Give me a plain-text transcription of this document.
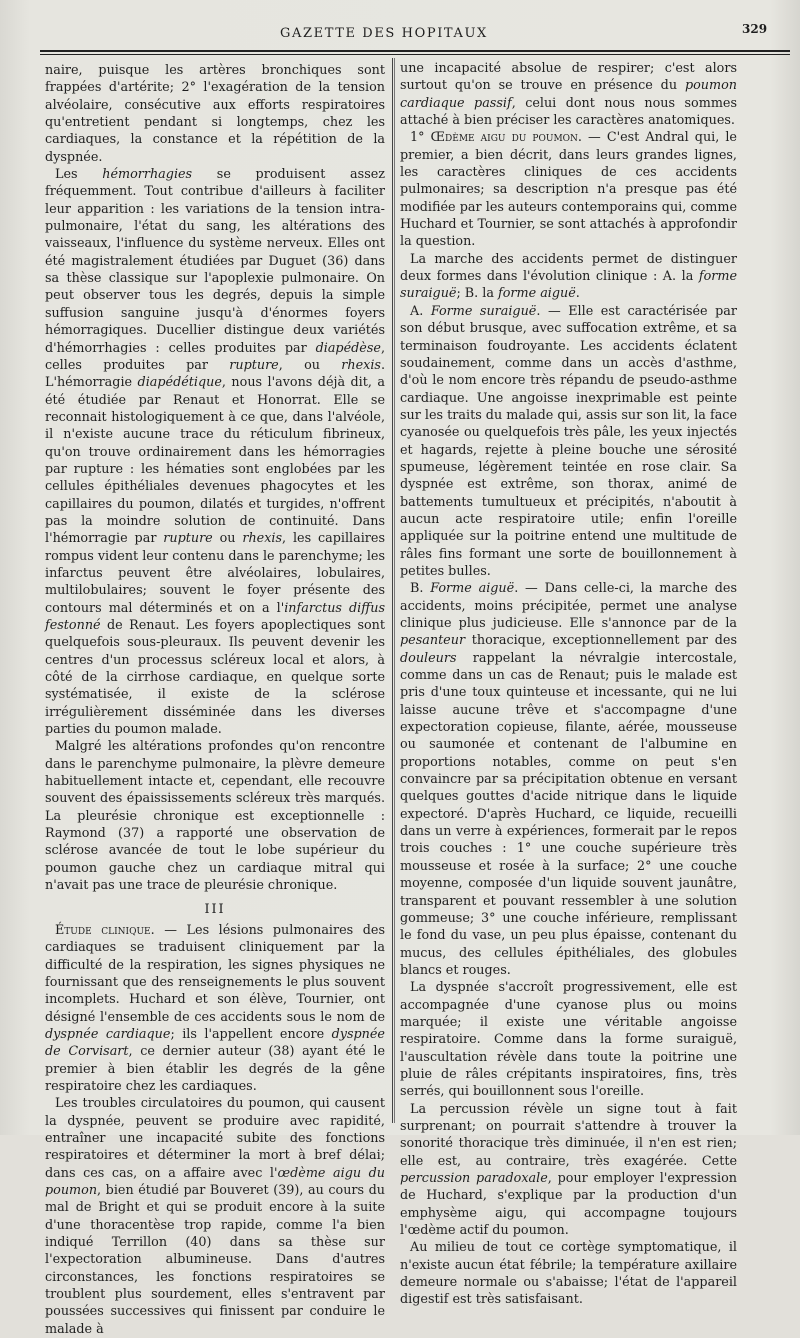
GAZETTE DES HOPITAUX	329

naire, puisque les artères bronchiques sont frappées d'artérite; 2° l'exagération de la tension alvéolaire, consécutive aux efforts respiratoires qu'entretient pendant si longtemps, chez les cardiaques, la constance et la répétition de la dyspnée.

Les hémorrhagies se produisent assez fréquemment. Tout contribue d'ailleurs à faciliter leur apparition : les variations de la tension intra-pulmonaire, l'état du sang, les altérations des vaisseaux, l'influence du système nerveux. Elles ont été magistralement étudiées par Duguet (36) dans sa thèse classique sur l'apoplexie pulmonaire. On peut observer tous les degrés, depuis la simple suffusion sanguine jusqu'à d'énormes foyers hémorragiques. Ducellier distingue deux variétés d'hémorrhagies : celles produites par diapédèse, celles produites par rupture, ou rhexis. L'hémorragie diapédétique, nous l'avons déjà dit, a été étudiée par Renaut et Honorrat. Elle se reconnait histologiquement à ce que, dans l'alvéole, il n'existe aucune trace du réticulum fibrineux, qu'on trouve ordinairement dans les hémorragies par rupture : les hématies sont englobées par les cellules épithéliales devenues phagocytes et les capillaires du poumon, dilatés et turgides, n'offrent pas la moindre solution de continuité. Dans l'hémorragie par rupture ou rhexis, les capillaires rompus vident leur contenu dans le parenchyme; les infarctus peuvent être alvéolaires, lobulaires, multilobulaires; souvent le foyer présente des contours mal déterminés et on a l'infarctus diffus festonné de Renaut. Les foyers apoplectiques sont quelquefois sous-pleuraux. Ils peuvent devenir les centres d'un processus scléreux local et alors, à côté de la cirrhose cardiaque, en quelque sorte systématisée, il existe de la sclérose irrégulièrement disséminée dans les diverses parties du poumon malade.

Malgré les altérations profondes qu'on rencontre dans le parenchyme pulmonaire, la plèvre demeure habituellement intacte et, cependant, elle recouvre souvent des épaississements scléreux très marqués. La pleurésie chronique est exceptionnelle : Raymond (37) a rapporté une observation de sclérose avancée de tout le lobe supérieur du poumon gauche chez un cardiaque mitral qui n'avait pas une trace de pleurésie chronique.

III

Étude clinique. — Les lésions pulmonaires des cardiaques se traduisent cliniquement par la difficulté de la respiration, les signes physiques ne fournissant que des renseignements le plus souvent incomplets. Huchard et son élève, Tournier, ont désigné l'ensemble de ces accidents sous le nom de dyspnée cardiaque; ils l'appellent encore dyspnée de Corvisart, ce dernier auteur (38) ayant été le premier à bien établir les degrés de la gêne respiratoire chez les cardiaques.

Les troubles circulatoires du poumon, qui causent la dyspnée, peuvent se produire avec rapidité, entraîner une incapacité subite des fonctions respiratoires et déterminer la mort à bref délai; dans ces cas, on a affaire avec l'œdème aigu du poumon, bien étudié par Bouveret (39), au cours du mal de Bright et qui se produit encore à la suite d'une thoracentèse trop rapide, comme l'a bien indiqué Terrillon (40) dans sa thèse sur l'expectoration albumineuse. Dans d'autres circonstances, les fonctions respiratoires se troublent plus sourdement, elles s'entravent par poussées successives qui finissent par conduire le malade à

une incapacité absolue de respirer; c'est alors surtout qu'on se trouve en présence du poumon cardiaque passif, celui dont nous nous sommes attaché à bien préciser les caractères anatomiques.

1° Œdème aigu du poumon. — C'est Andral qui, le premier, a bien décrit, dans leurs grandes lignes, les caractères cliniques de ces accidents pulmonaires; sa description n'a presque pas été modifiée par les auteurs contemporains qui, comme Huchard et Tournier, se sont attachés à approfondir la question.

La marche des accidents permet de distinguer deux formes dans l'évolution clinique : A. la forme suraiguë; B. la forme aiguë.

A. Forme suraiguë. — Elle est caractérisée par son début brusque, avec suffocation extrême, et sa terminaison foudroyante. Les accidents éclatent soudainement, comme dans un accès d'asthme, d'où le nom encore très répandu de pseudo-asthme cardiaque. Une angoisse inexprimable est peinte sur les traits du malade qui, assis sur son lit, la face cyanosée ou quelquefois très pâle, les yeux injectés et hagards, rejette à pleine bouche une sérosité spumeuse, légèrement teintée en rose clair. Sa dyspnée est extrême, son thorax, animé de battements tumultueux et précipités, n'aboutit à aucun acte respiratoire utile; enfin l'oreille appliquée sur la poitrine entend une multitude de râles fins formant une sorte de bouillonnement à petites bulles.

B. Forme aiguë. — Dans celle-ci, la marche des accidents, moins précipitée, permet une analyse clinique plus judicieuse. Elle s'annonce par de la pesanteur thoracique, exceptionnellement par des douleurs rappelant la névralgie intercostale, comme dans un cas de Renaut; puis le malade est pris d'une toux quinteuse et incessante, qui ne lui laisse aucune trêve et s'accompagne d'une expectoration copieuse, filante, aérée, mousseuse ou saumonée et contenant de l'albumine en proportions notables, comme on peut s'en convaincre par sa précipitation obtenue en versant quelques gouttes d'acide nitrique dans le liquide expectoré. D'après Huchard, ce liquide, recueilli dans un verre à expériences, formerait par le repos trois couches : 1° une couche supérieure très mousseuse et rosée à la surface; 2° une couche moyenne, composée d'un liquide souvent jaunâtre, transparent et pouvant ressembler à une solution gommeuse; 3° une couche inférieure, remplissant le fond du vase, un peu plus épaisse, contenant du mucus, des cellules épithéliales, des globules blancs et rouges.

La dyspnée s'accroît progressivement, elle est accompagnée d'une cyanose plus ou moins marquée; il existe une véritable angoisse respiratoire. Comme dans la forme suraiguë, l'auscultation révèle dans toute la poitrine une pluie de râles crépitants inspiratoires, fins, très serrés, qui bouillonnent sous l'oreille.

La percussion révèle un signe tout à fait surprenant; on pourrait s'attendre à trouver la sonorité thoracique très diminuée, il n'en est rien; elle est, au contraire, très exagérée. Cette percussion paradoxale, pour employer l'expression de Huchard, s'explique par la production d'un emphysème aigu, qui accompagne toujours l'œdème actif du poumon.

Au milieu de tout ce cortège symptomatique, il n'existe aucun état fébrile; la température axillaire demeure normale ou s'abaisse; l'état de l'appareil digestif est très satisfaisant.
